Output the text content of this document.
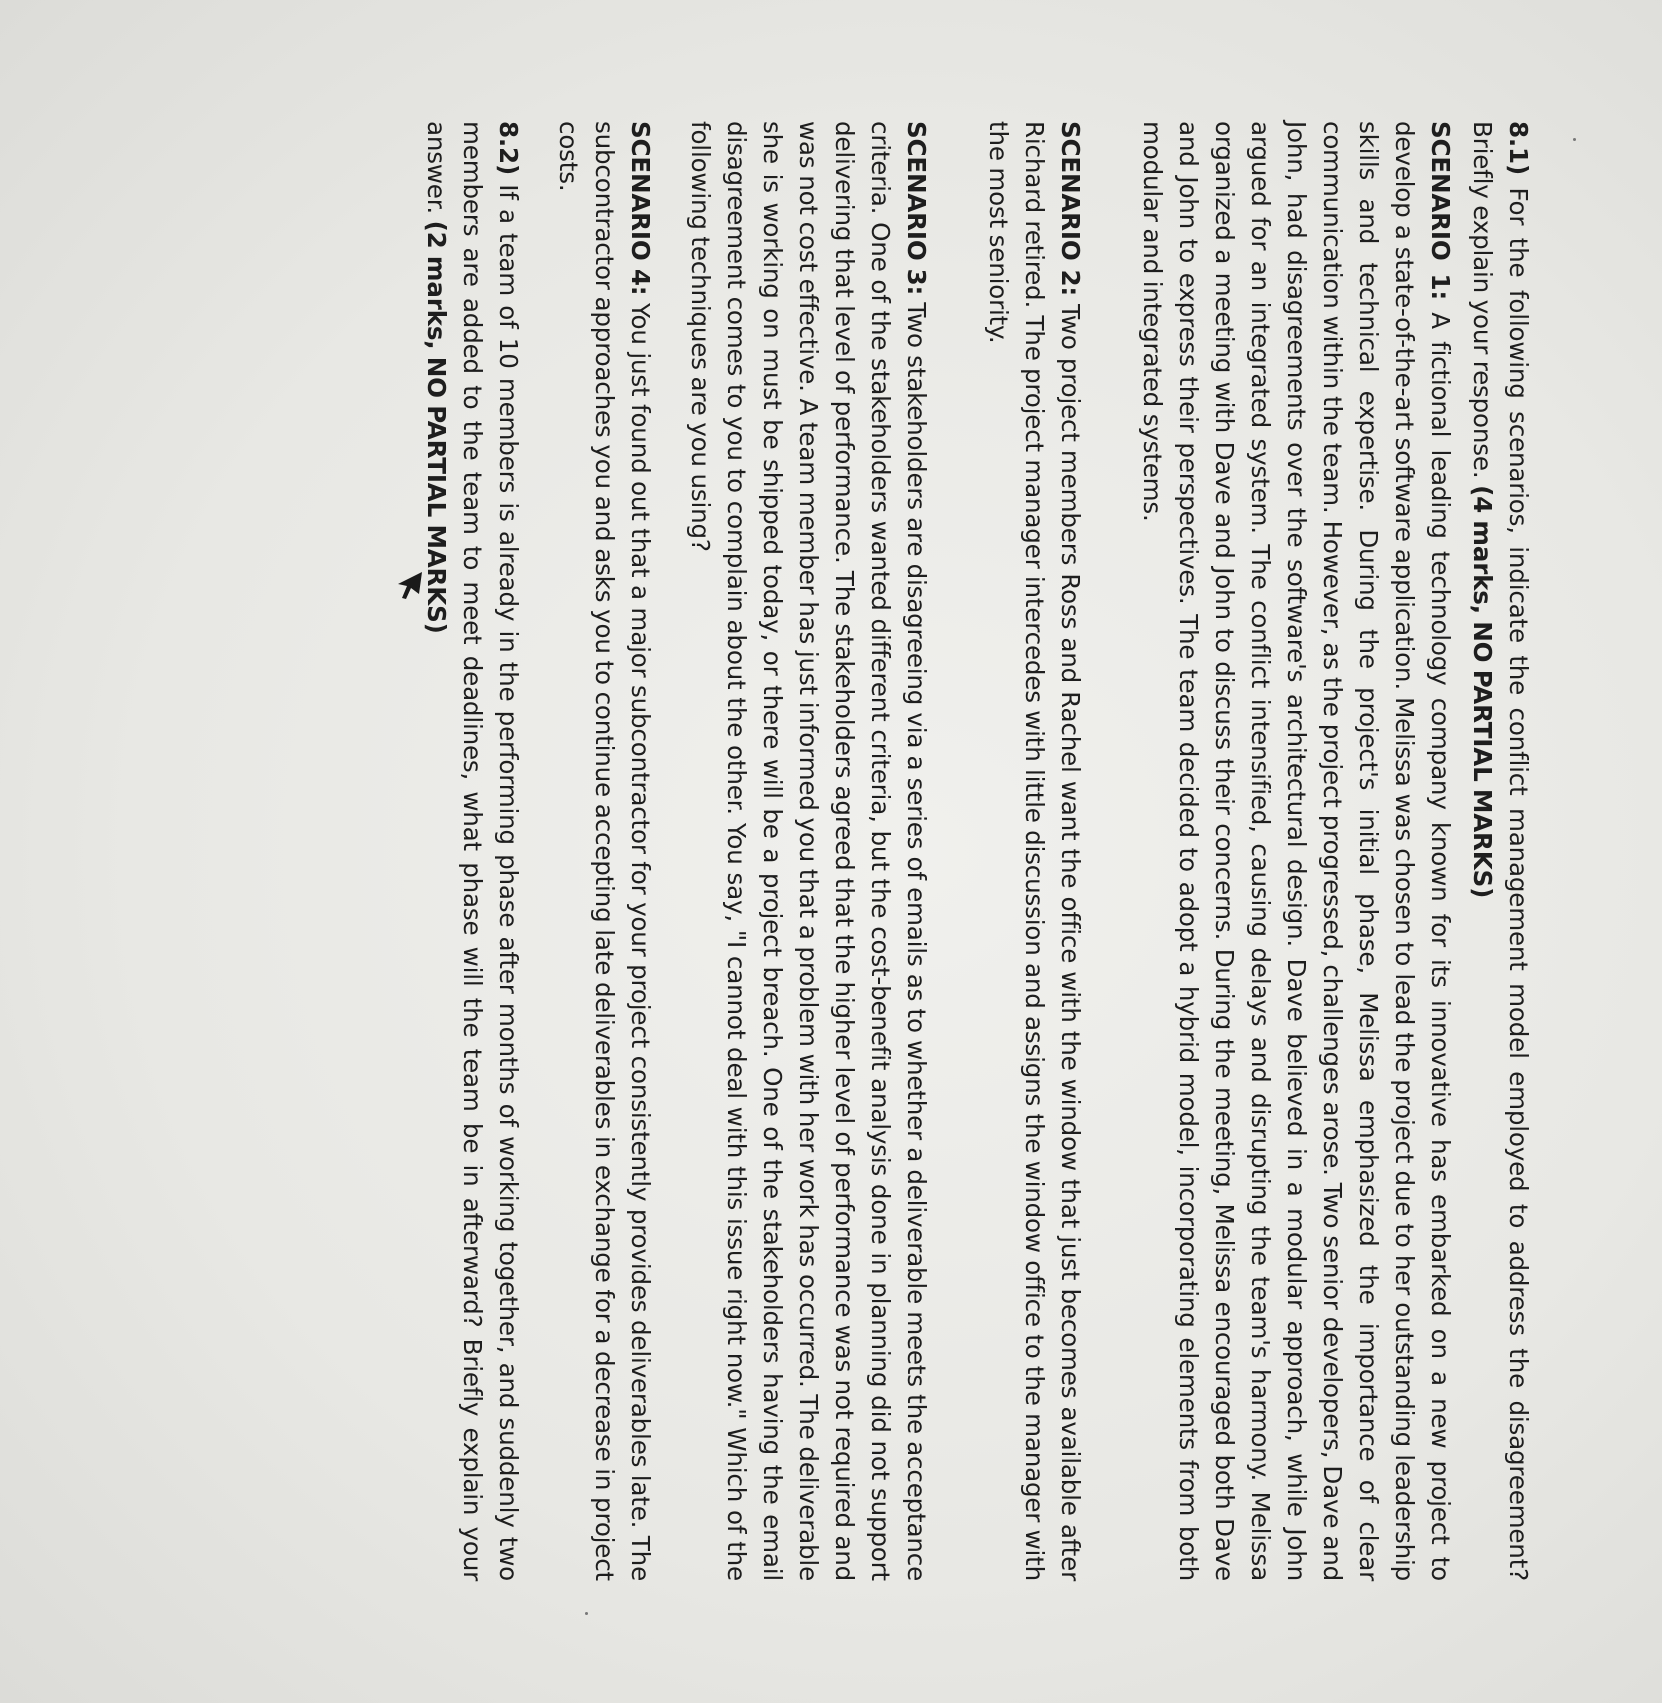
8.1) For the following scenarios, indicate the conflict management model employed to address the disagreement? Briefly explain your response. (4 marks, NO PARTIAL MARKS)

SCENARIO 1: A fictional leading technology company known for its innovative has embarked on a new project to develop a state-of-the-art software application. Melissa was chosen to lead the project due to her outstanding leadership skills and technical expertise. During the project's initial phase, Melissa emphasized the importance of clear communication within the team. However, as the project progressed, challenges arose. Two senior developers, Dave and John, had disagreements over the software's architectural design. Dave believed in a modular approach, while John argued for an integrated system. The conflict intensified, causing delays and disrupting the team's harmony. Melissa organized a meeting with Dave and John to discuss their concerns. During the meeting, Melissa encouraged both Dave and John to express their perspectives. The team decided to adopt a hybrid model, incorporating elements from both modular and integrated systems.

SCENARIO 2: Two project members Ross and Rachel want the office with the window that just becomes available after Richard retired. The project manager intercedes with little discussion and assigns the window office to the manager with the most seniority.

SCENARIO 3: Two stakeholders are disagreeing via a series of emails as to whether a deliverable meets the acceptance criteria. One of the stakeholders wanted different criteria, but the cost-benefit analysis done in planning did not support delivering that level of performance. The stakeholders agreed that the higher level of performance was not required and was not cost effective. A team member has just informed you that a problem with her work has occurred. The deliverable she is working on must be shipped today, or there will be a project breach. One of the stakeholders having the email disagreement comes to you to complain about the other. You say, "I cannot deal with this issue right now." Which of the following techniques are you using?

SCENARIO 4: You just found out that a major subcontractor for your project consistently provides deliverables late. The subcontractor approaches you and asks you to continue accepting late deliverables in exchange for a decrease in project costs.

8.2) If a team of 10 members is already in the performing phase after months of working together, and suddenly two members are added to the team to meet deadlines, what phase will the team be in afterward? Briefly explain your answer. (2 marks, NO PARTIAL MARKS)
